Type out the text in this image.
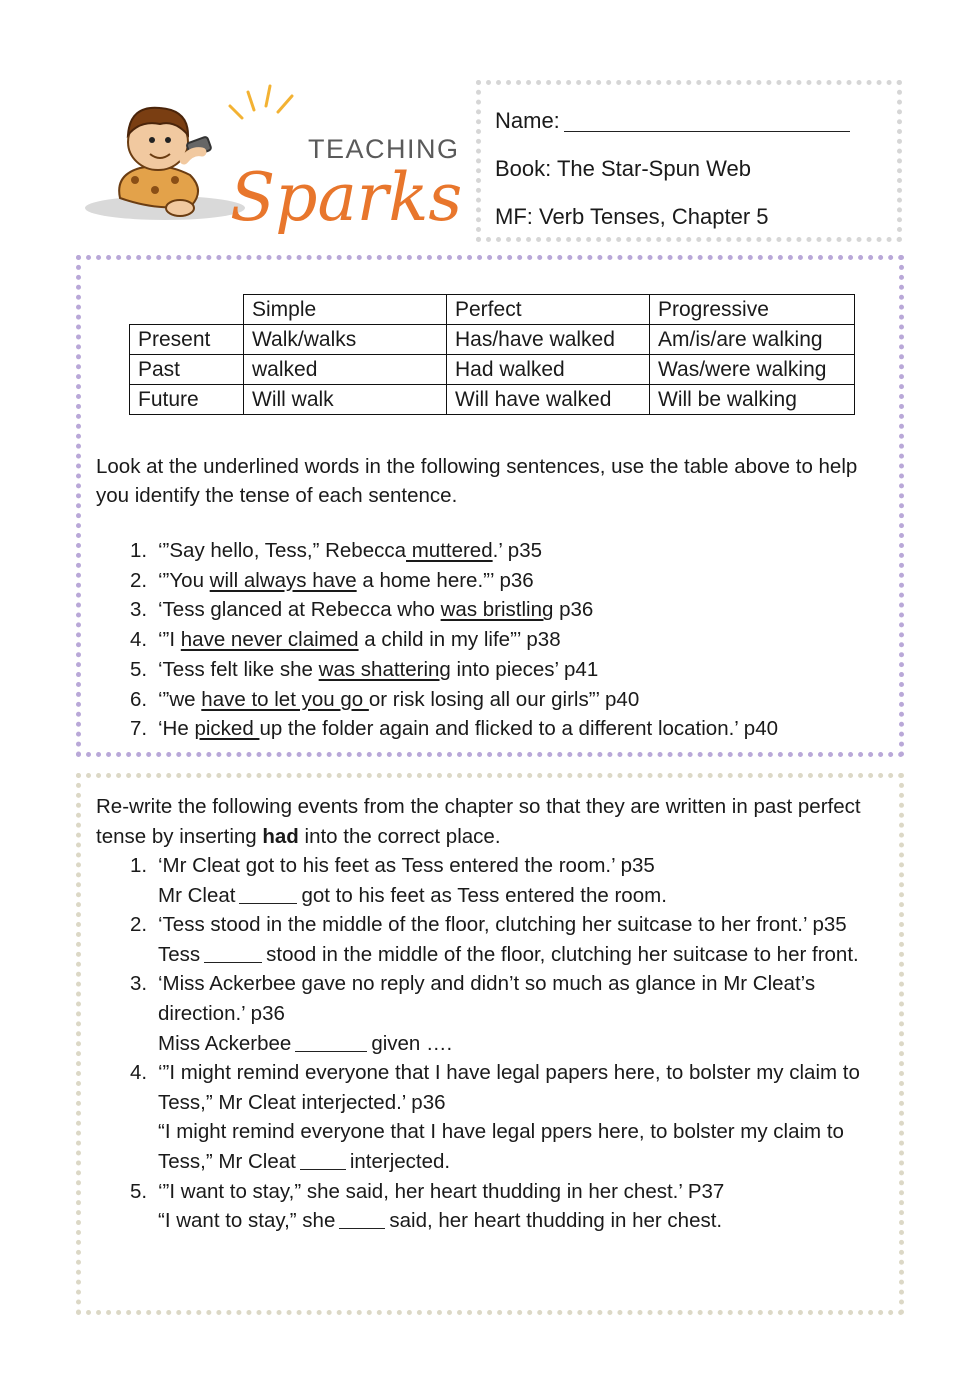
TEACHING
Sparks
Name:
Book: The Star-Spun Web
MF: Verb Tenses, Chapter 5
	Simple	Perfect	Progressive
Present	Walk/walks	Has/have walked	Am/is/are walking
Past	walked	Had walked	Was/were walking
Future	Will walk	Will have walked	Will be walking

Look at the underlined words in the following sentences, use the table above to help you identify the tense of each sentence.

1. ‘”Say hello, Tess,” Rebecca muttered.’ p35
2. ‘”You will always have a home here.”’ p36
3. ‘Tess glanced at Rebecca who was bristling p36
4. ‘”I have never claimed a child in my life”’ p38
5. ‘Tess felt like she was shattering into pieces’ p41
6. ‘”we have to let you go or risk losing all our girls”’ p40
7. ‘He picked up the folder again and flicked to a different location.’ p40

Re-write the following events from the chapter so that they are written in past perfect tense by inserting had into the correct place.

1. ‘Mr Cleat got to his feet as Tess entered the room.’ p35
Mr Cleat	got to his feet as Tess entered the room.
2. ‘Tess stood in the middle of the floor, clutching her suitcase to her front.’ p35
Tess	stood in the middle of the floor, clutching her suitcase to her front.
3. ‘Miss Ackerbee gave no reply and didn’t so much as glance in Mr Cleat’s direction.’ p36
Miss Ackerbee	given ….
4. ‘”I might remind everyone that I have legal papers here, to bolster my claim to Tess,” Mr Cleat interjected.’ p36
“I might remind everyone that I have legal ppers here, to bolster my claim to Tess,” Mr Cleat	interjected.
5. ‘”I want to stay,” she said, her heart thudding in her chest.’ P37
“I want to stay,” she	said, her heart thudding in her chest.
